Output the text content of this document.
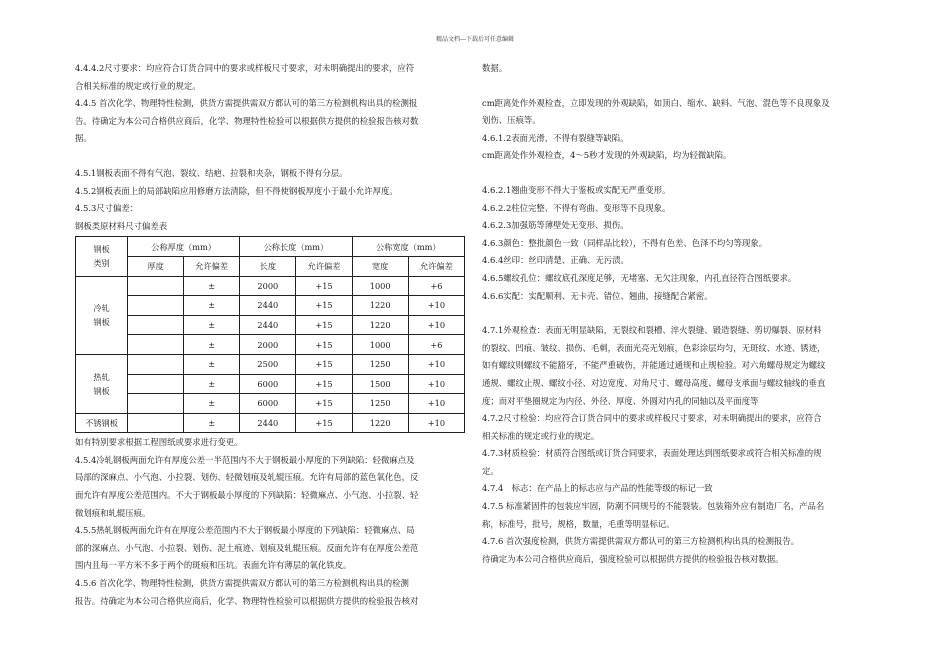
精品文档---下载后可任意编辑

4.4.4.2尺寸要求：均应符合订货合同中的要求或样板尺寸要求，对未明确提出的要求，应符

合相关标准的规定或行业的规定。

4.4.5 首次化学、物理特性检测，供货方需提供需双方都认可的第三方检测机构出具的检测报

告。待确定为本公司合格供应商后，化学、物理特性检验可以根据供方提供的检验报告核对数

据。

4.5.1钢板表面不得有气泡、裂纹、结疤、拉裂和夹杂，钢板不得有分层。

4.5.2钢板表面上的局部缺陷应用修磨方法清除，但不得使钢板厚度小于最小允许厚度。

4.5.3尺寸偏差：

钢板类原材料尺寸偏差表

钢板
类别	公称厚度（mm）		公称长度（mm）		公称宽度（mm）	
	厚度	允许偏差	长度	允许偏差	宽度	允许偏差
冷轧
钢板		±	2000	+15	1000	+6
		±	2440	+15	1220	+10
		±	2440	+15	1220	+10
		±	2000	+15	1000	+6
热轧
钢板		±	2500	+15	1250	+10
		±	6000	+15	1500	+10
		±	6000	+15	1250	+10
不锈钢板		±	2440	+15	1220	+10

如有特别要求根据工程图纸或要求进行变更。

4.5.4冷轧钢板两面允许有厚度公差一半范围内不大于钢板最小厚度的下列缺陷：轻微麻点及

局部的深麻点、小气泡、小拉裂、划伤、轻微划痕及轧辊压痕。允许有局部的蓝色氧化色，反

面允许有厚度公差范围内。不大于钢板最小厚度的下列缺陷：轻微麻点、小气泡、小拉裂、轻

微划痕和轧辊压痕。

4.5.5热轧钢板两面允许有在厚度公差范围内不大于钢板最小厚度的下列缺陷：轻微麻点、局

部的深麻点、小气泡、小拉裂、划伤、泥土痕迹、划痕及轧辊压痕。反面允许有在厚度公差范

围内且每一平方米不多于两个的斑痕和压坑。表面允许有薄层的氧化铁皮。

4.5.6 首次化学、物理特性检测，供货方需提供需双方都认可的第三方检测机构出具的检测

报告。待确定为本公司合格供应商后，化学、物理特性检验可以根据供方提供的检验报告核对

数据。

cm距离处作外观检查，立即发现的外观缺陷，如顶白、缩水、缺料、气泡、混色等不良现象及

划伤、压痕等。

4.6.1.2表面光滑，不得有裂缝等缺陷。

cm距离处作外观检查，4～5秒才发现的外观缺陷，均为轻微缺陷。

4.6.2.1翘曲变形不得大于鉴板或实配无严重变形。

4.6.2.2柱位完整、不得有弯曲、变形等不良现象。

4.6.2.3加强筋等薄壁处无变形、损伤。

4.6.3颜色：整批颜色一致（同样品比较），不得有色差、色泽不均匀等现象。

4.6.4丝印：丝印清楚、正确、无污渍。

4.6.5螺纹孔位：螺纹底孔深度足够，无堵塞、无欠注现象，内孔直径符合图纸要求。

4.6.6实配：实配顺利、无卡壳、错位、翘曲，接缝配合紧密。

4.7.1外观检查：表面无明显缺陷，无裂纹和裂槽、淬火裂缝、锻造裂缝、剪切爆裂、原材料

的裂纹、凹痕、皱纹、损伤、毛刺，表面光亮无划痕，色彩涂层均匀，无斑纹、水迹、锈迹，

如有螺纹则螺纹不能豁牙，不能严重破伤，并能通过通规和止规检验。对六角螺母规定为螺纹

通规、螺纹止规、螺纹小径、对边宽度、对角尺寸、螺母高度、螺母支承面与螺纹轴线的垂直

度；而对平垫圈规定为内径、外径、厚度、外圆对内孔的同轴以及平面度等

4.7.2尺寸检验：均应符合订货合同中的要求或样板尺寸要求，对未明确提出的要求，应符合

相关标准的规定或行业的规定。

4.7.3材质检验：材质符合图纸或订货合同要求，表面处理达到图纸要求或符合相关标准的规

定。

4.7.4　标志：在产品上的标志应与产品的性能等级的标记一致

4.7.5 标准紧固件的包装应牢固，防潮不同规号的不能裂装。包装箱外应有制造厂名，产品名

称，标准号，批号，规格，数量，毛重等明显标记。

4.7.6 首次强度检测，供货方需提供需双方都认可的第三方检测机构出具的检测报告。

待确定为本公司合格供应商后，强度检验可以根据供方提供的检验报告核对数据。
